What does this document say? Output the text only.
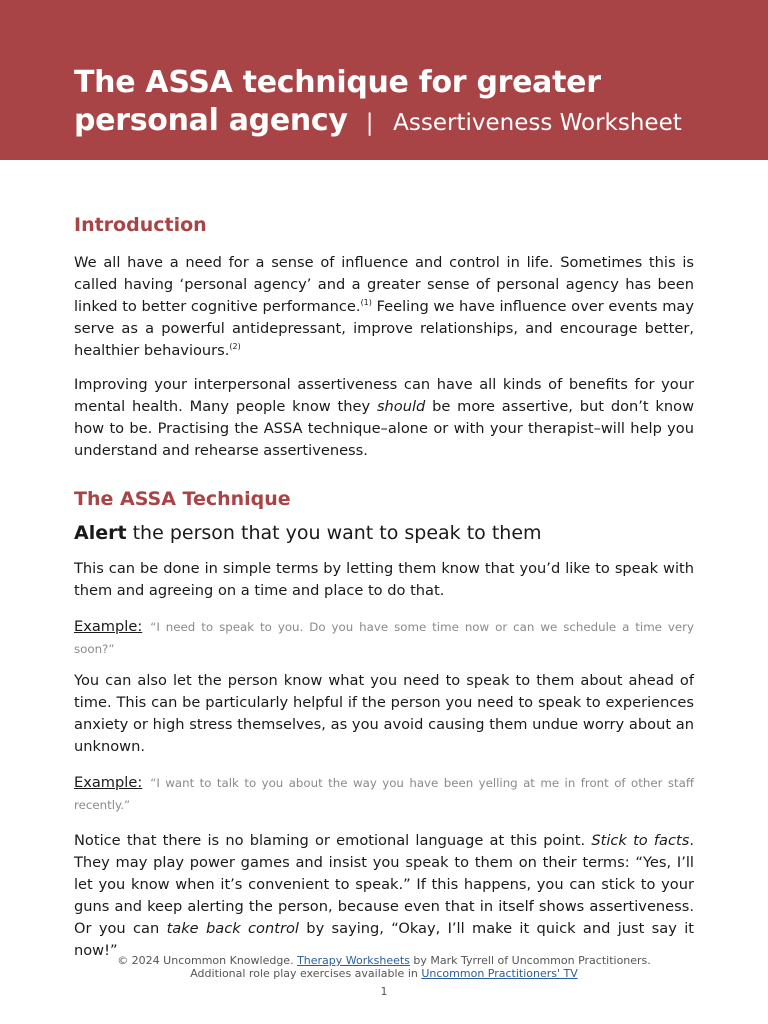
The ASSA technique for greater
personal agency | Assertiveness Worksheet
Introduction

We all have a need for a sense of influence and control in life. Sometimes this is called having ‘personal agency’ and a greater sense of personal agency has been linked to better cognitive performance.$^{(1)}$ Feeling we have influence over events may serve as a powerful antidepressant, improve relationships, and encourage better, healthier behaviours.$^{(2)}$

Improving your interpersonal assertiveness can have all kinds of benefits for your mental health. Many people know they should be more assertive, but don’t know how to be. Practising the ASSA technique–alone or with your therapist–will help you understand and rehearse assertiveness.

The ASSA Technique
Alert the person that you want to speak to them

This can be done in simple terms by letting them know that you’d like to speak with them and agreeing on a time and place to do that.

Example: “I need to speak to you. Do you have some time now or can we schedule a time very soon?”

You can also let the person know what you need to speak to them about ahead of time. This can be particularly helpful if the person you need to speak to experiences anxiety or high stress themselves, as you avoid causing them undue worry about an unknown.

Example: “I want to talk to you about the way you have been yelling at me in front of other staff recently.”

Notice that there is no blaming or emotional language at this point. Stick to facts. They may play power games and insist you speak to them on their terms: “Yes, I’ll let you know when it’s convenient to speak.” If this happens, you can stick to your guns and keep alerting the person, because even that in itself shows assertiveness. Or you can take back control by saying, “Okay, I’ll make it quick and just say it now!”

© 2024 Uncommon Knowledge. Therapy Worksheets by Mark Tyrrell of Uncommon Practitioners.
Additional role play exercises available in Uncommon Practitioners' TV
1
